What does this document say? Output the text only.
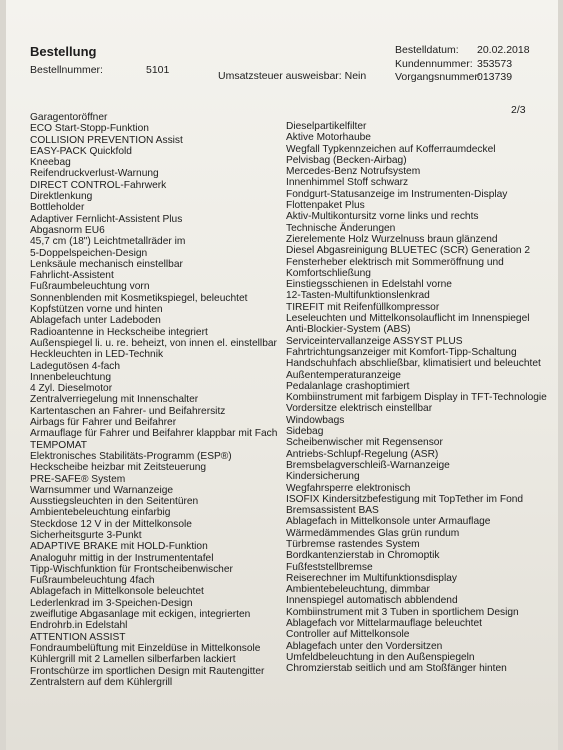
Bestellung
Bestellnummer:	5101	Umsatzsteuer ausweisbar: Nein
Bestelldatum:	20.02.2018
Kundennummer: 353573
Vorgangsnummer:
013739
2/3
Garagentoröffner
ECO Start-Stopp-Funktion
COLLISION PREVENTION Assist
EASY-PACK Quickfold
Kneebag
Reifendruckverlust-Warnung
DIRECT CONTROL-Fahrwerk
Direktlenkung
Bottleholder
Adaptiver Fernlicht-Assistent Plus
Abgasnorm EU6
45,7 cm (18") Leichtmetallräder im
5-Doppelspeichen-Design
Lenksäule mechanisch einstellbar
Fahrlicht-Assistent
Fußraumbeleuchtung vorn
Sonnenblenden mit Kosmetikspiegel, beleuchtet
Kopfstützen vorne und hinten
Ablagefach unter Ladeboden
Radioantenne in Heckscheibe integriert
Außenspiegel li. u. re. beheizt, von innen el. einstellbar
Heckleuchten in LED-Technik
Ladegutösen 4-fach
Innenbeleuchtung
4 Zyl. Dieselmotor
Zentralverriegelung mit Innenschalter
Kartentaschen an Fahrer- und Beifahrersitz
Airbags für Fahrer und Beifahrer
Armauflage für Fahrer und Beifahrer klappbar mit Fach
TEMPOMAT
Elektronisches Stabilitäts-Programm (ESP®)
Heckscheibe heizbar mit Zeitsteuerung
PRE-SAFE® System
Warnsummer und Warnanzeige
Ausstiegsleuchten in den Seitentüren
Ambientebeleuchtung einfarbig
Steckdose 12 V in der Mittelkonsole
Sicherheitsgurte 3-Punkt
ADAPTIVE BRAKE mit HOLD-Funktion
Analoguhr mittig in der Instrumententafel
Tipp-Wischfunktion für Frontscheibenwischer
Fußraumbeleuchtung 4fach
Ablagefach in Mittelkonsole beleuchtet
Lederlenkrad im 3-Speichen-Design
zweiflutige Abgasanlage mit eckigen, integrierten
Endrohrb.in Edelstahl
ATTENTION ASSIST
Fondraumbelüftung mit Einzeldüse in Mittelkonsole
Kühlergrill mit 2 Lamellen silberfarben lackiert
Frontschürze im sportlichen Design mit Rautengitter
Zentralstern auf dem Kühlergrill
Dieselpartikelfilter
Aktive Motorhaube
Wegfall Typkennzeichen auf Kofferraumdeckel
Pelvisbag (Becken-Airbag)
Mercedes-Benz Notrufsystem
Innenhimmel Stoff schwarz
Fondgurt-Statusanzeige im Instrumenten-Display
Flottenpaket Plus
Aktiv-Multikontursitz vorne links und rechts
Technische Änderungen
Zierelemente Holz Wurzelnuss braun glänzend
Diesel Abgasreinigung BLUETEC (SCR) Generation 2
Fensterheber elektrisch mit Sommeröffnung und
Komfortschließung
Einstiegsschienen in Edelstahl vorne
12-Tasten-Multifunktionslenkrad
TIREFIT mit Reifenfüllkompressor
Leseleuchten und Mittelkonsolauflicht im Innenspiegel
Anti-Blockier-System (ABS)
Serviceintervallanzeige ASSYST PLUS
Fahrtrichtungsanzeiger mit Komfort-Tipp-Schaltung
Handschuhfach abschließbar, klimatisiert und beleuchtet
Außentemperaturanzeige
Pedalanlage crashoptimiert
Kombiinstrument mit farbigem Display in TFT-Technologie
Vordersitze elektrisch einstellbar
Windowbags
Sidebag
Scheibenwischer mit Regensensor
Antriebs-Schlupf-Regelung (ASR)
Bremsbelagverschleiß-Warnanzeige
Kindersicherung
Wegfahrsperre elektronisch
ISOFIX Kindersitzbefestigung mit TopTether im Fond
Bremsassistent BAS
Ablagefach in Mittelkonsole unter Armauflage
Wärmedämmendes Glas grün rundum
Türbremse rastendes System
Bordkantenzierstab in Chromoptik
Fußfeststellbremse
Reiserechner im Multifunktionsdisplay
Ambientebeleuchtung, dimmbar
Innenspiegel automatisch abblendend
Kombiinstrument mit 3 Tuben in sportlichem Design
Ablagefach vor Mittelarmauflage beleuchtet
Controller auf Mittelkonsole
Ablagefach unter den Vordersitzen
Umfeldbeleuchtung in den Außenspiegeln
Chromzierstab seitlich und am Stoßfänger hinten
